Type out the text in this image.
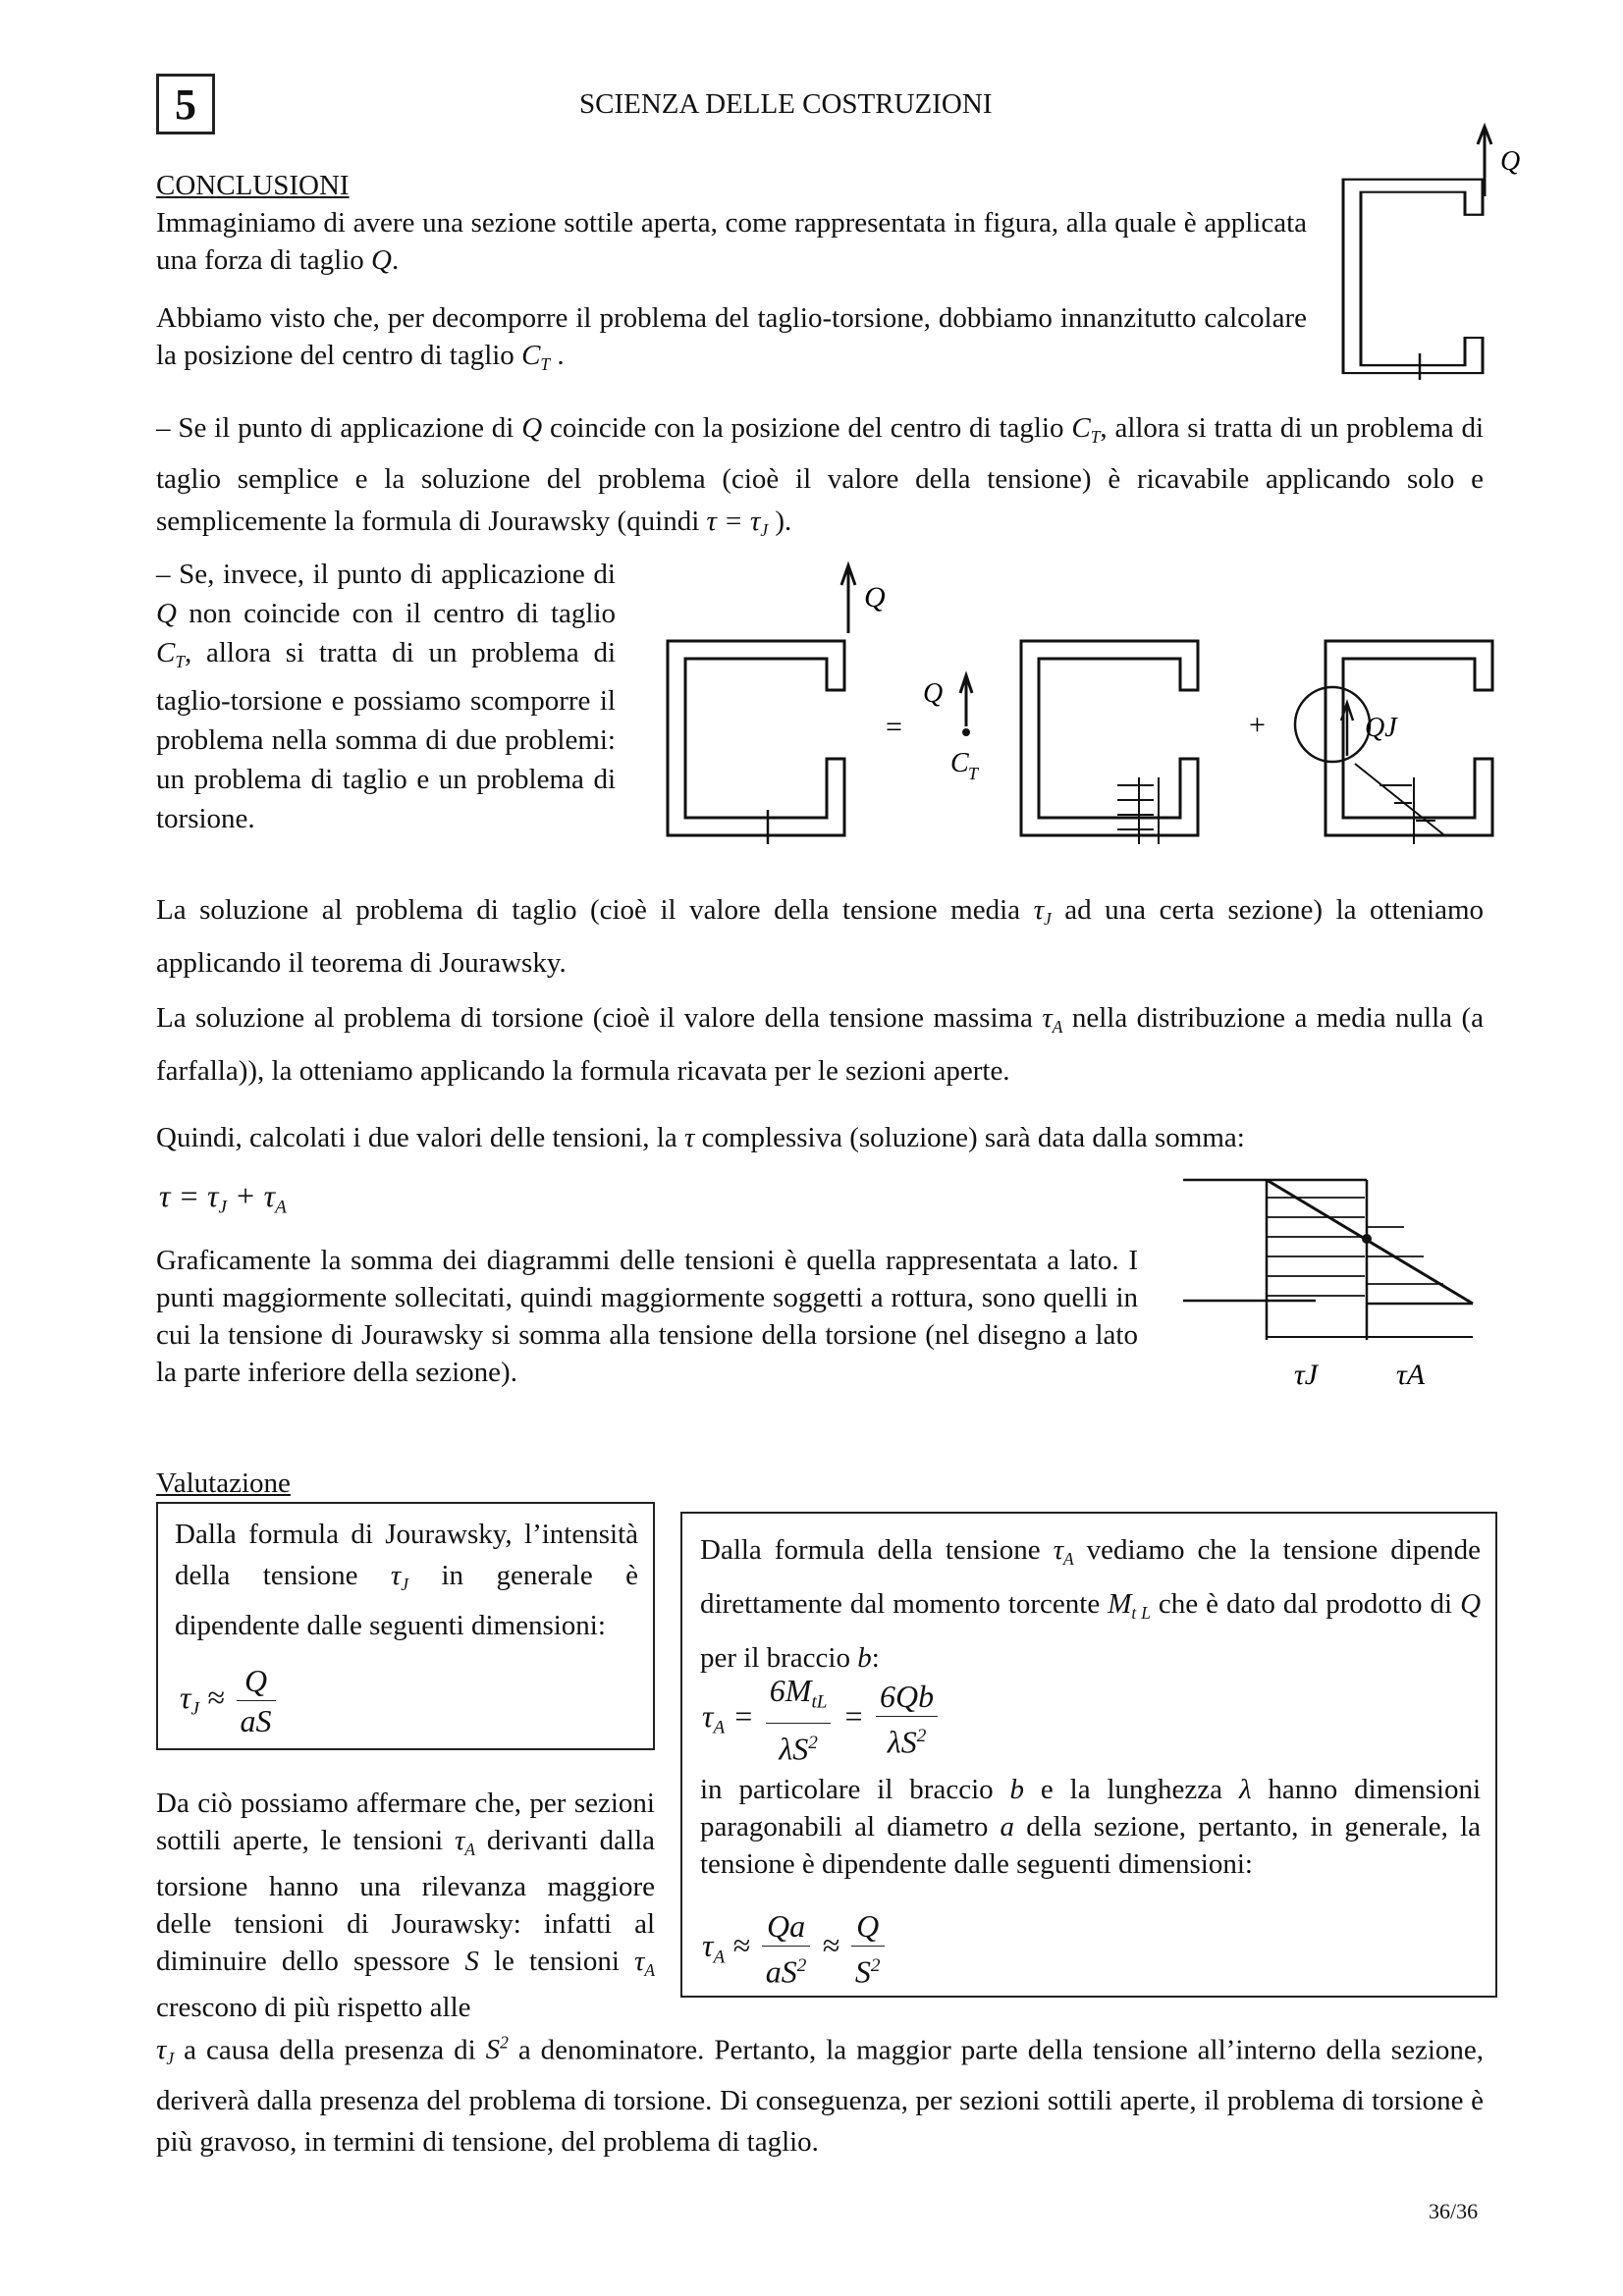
5	SCIENZA DELLE COSTRUZIONI
Q
CONCLUSIONI
Immaginiamo di avere una sezione sottile aperta, come rappresentata in figura, alla quale è applicata una forza di taglio Q.
Abbiamo visto che, per decomporre il problema del taglio-torsione, dobbiamo innanzitutto calcolare la posizione del centro di taglio $C_T$ .
– Se il punto di applicazione di Q coincide con la posizione del centro di taglio $C_T$, allora si tratta di un problema di taglio semplice e la soluzione del problema (cioè il valore della tensione) è ricavabile applicando solo e semplicemente la formula di Jourawsky (quindi $\tau = \tau_J$ ).
– Se, invece, il punto di applicazione di Q non coincide con il centro di taglio $C_T$, allora si tratta di un problema di taglio-torsione e possiamo scomporre il problema nella somma di due problemi: un problema di taglio e un problema di torsione.
Q
=
Q
C T
+	QJ
La soluzione al problema di taglio (cioè il valore della tensione media $\tau_J$ ad una certa sezione) la otteniamo applicando il teorema di Jourawsky.
La soluzione al problema di torsione (cioè il valore della tensione massima $\tau_A$ nella distribuzione a media nulla (a farfalla)), la otteniamo applicando la formula ricavata per le sezioni aperte.
Quindi, calcolati i due valori delle tensioni, la τ complessiva (soluzione) sarà data dalla somma:
$\tau = \tau_J + \tau_A$
Graficamente la somma dei diagrammi delle tensioni è quella rappresentata a lato. I punti maggiormente sollecitati, quindi maggiormente soggetti a rottura, sono quelli in cui la tensione di Jourawsky si somma alla tensione della torsione (nel disegno a lato la parte inferiore della sezione).	τJ	τA
Valutazione
Dalla formula di Jourawsky, l’intensità della tensione $\tau_J$ in generale è dipendente dalle seguenti dimensioni:
$\tau_J \approx \frac{Q}{aS}$
Da ciò possiamo affermare che, per sezioni sottili aperte, le tensioni $\tau_A$ derivanti dalla torsione hanno una rilevanza maggiore delle tensioni di Jourawsky: infatti al diminuire dello spessore S le tensioni $\tau_A$ crescono di più rispetto alle
Dalla formula della tensione $\tau_A$ vediamo che la tensione dipende direttamente dal momento torcente $M_{t L}$ che è dato dal prodotto di Q per il braccio b:
$\tau_A = \frac{6M_{tL}}{\lambda S^2} = \frac{6Qb}{\lambda S^2}$
in particolare il braccio b e la lunghezza λ hanno dimensioni paragonabili al diametro a della sezione, pertanto, in generale, la tensione è dipendente dalle seguenti dimensioni:
$\tau_A \approx \frac{Qa}{aS^2} \approx \frac{Q}{S^2}$
$\tau_J$ a causa della presenza di $S^2$ a denominatore. Pertanto, la maggior parte della tensione all’interno della sezione, deriverà dalla presenza del problema di torsione. Di conseguenza, per sezioni sottili aperte, il problema di torsione è più gravoso, in termini di tensione, del problema di taglio.
36/36
